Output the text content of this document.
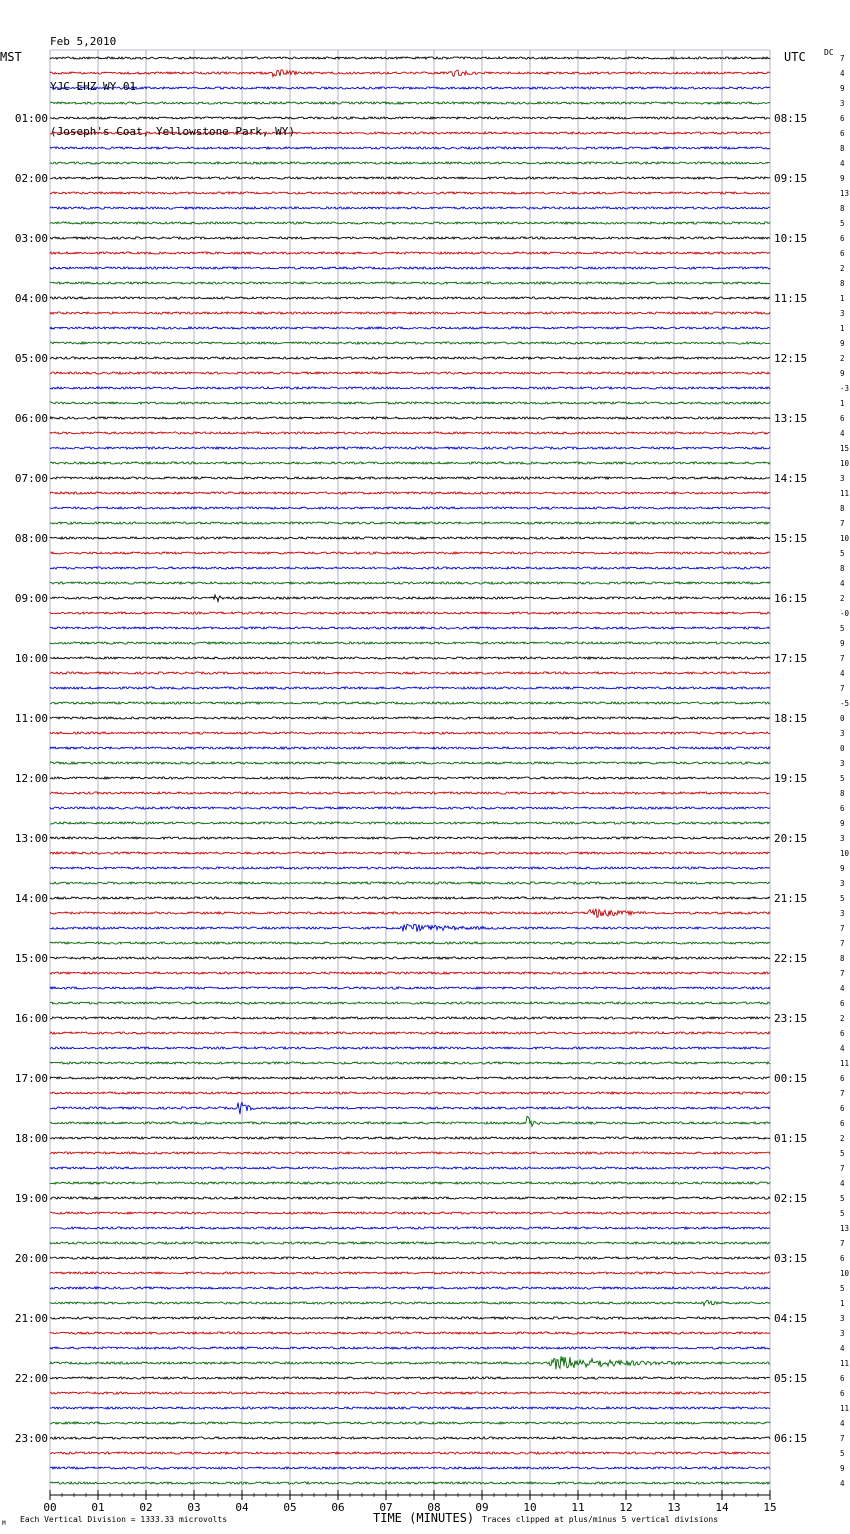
7
4
9
3
6
6
8
4
9
13
8
5
6
6
2
8
1
3
1
9
2
9
-3
1
6
4
15
10
3
11
8
7
10
5
8
4
2
-0
5
9
7
4
7
-5
0
3
0
3
5
8
6
9
3
10
9
3
5
3
7
7
8
7
4
6
2
6
4
11
6
7
6
6
2
5
7
4
5
5
13
7
6
10
5
1
3
3
4
11
6
6
11
4
7
5
9
4
01:00
02:00
03:00
04:00
05:00
06:00
07:00
08:00
09:00
10:00
11:00
12:00
13:00
14:00
15:00
16:00
17:00
18:00
19:00
20:00
21:00
22:00
23:00
08:15
09:15
10:15
11:15
12:15
13:15
14:15
15:15
16:15
17:15
18:15
19:15
20:15
21:15
22:15
23:15
00:15
01:15
02:15
03:15
04:15
05:15
06:15
00	01	02	03	04	05	06	07	08	09	10	11	12	13	14	15

Feb 5,2010

YJC EHZ WY 01

(Joseph's Coat, Yellowstone Park, WY)

MST	UTC DC
M Each Vertical Division = 1333.33 microvolts	TIME (MINUTES) Traces clipped at plus/minus 5 vertical divisions
